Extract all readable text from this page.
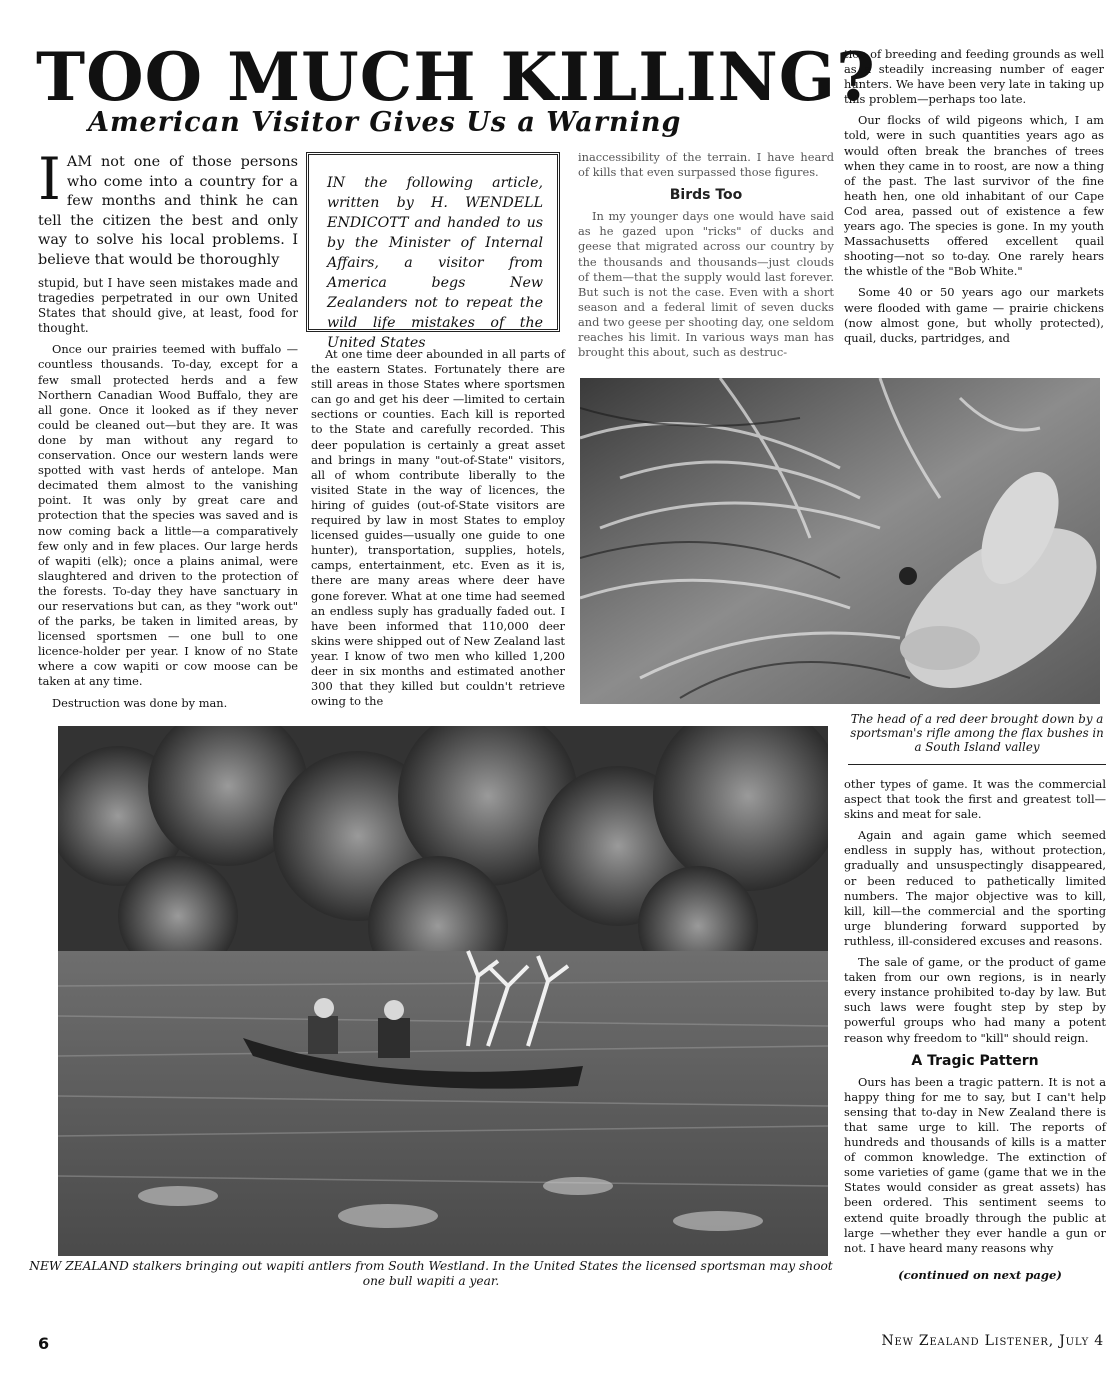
TOO MUCH KILLING?
American Visitor Gives Us a Warning

IAM not one of those persons who come into a country for a few months and think he can tell the citizen the best and only way to solve his local problems. I believe that would be thoroughly

stupid, but I have seen mistakes made and tragedies perpetrated in our own United States that should give, at least, food for thought.

Once our prairies teemed with buffalo —countless thousands. To-day, except for a few small protected herds and a few Northern Canadian Wood Buffalo, they are all gone. Once it looked as if they never could be cleaned out—but they are. It was done by man without any regard to conservation. Once our western lands were spotted with vast herds of antelope. Man decimated them almost to the vanishing point. It was only by great care and protection that the species was saved and is now coming back a little—a comparatively few only and in few places. Our large herds of wapiti (elk); once a plains animal, were slaughtered and driven to the protection of the forests. To-day they have sanctuary in our reservations but can, as they "work out" of the parks, be taken in limited areas, by licensed sportsmen — one bull to one licence-holder per year. I know of no State where a cow wapiti or cow moose can be taken at any time.

Destruction was done by man.

IN the following article, written by H. WENDELL ENDICOTT and handed to us by the Minister of Internal Affairs, a visitor from America begs New Zealanders not to repeat the wild life mistakes of the United States

At one time deer abounded in all parts of the eastern States. Fortunately there are still areas in those States where sportsmen can go and get his deer —limited to certain sections or counties. Each kill is reported to the State and carefully recorded. This deer population is certainly a great asset and brings in many "out-of-State" visitors, all of whom contribute liberally to the visited State in the way of licences, the hiring of guides (out-of-State visitors are required by law in most States to employ licensed guides—usually one guide to one hunter), transportation, supplies, hotels, camps, entertainment, etc. Even as it is, there are many areas where deer have gone forever. What at one time had seemed an endless suply has gradually faded out. I have been informed that 110,000 deer skins were shipped out of New Zealand last year. I know of two men who killed 1,200 deer in six months and estimated another 300 that they killed but couldn't retrieve owing to the

inaccessibility of the terrain. I have heard of kills that even surpassed those figures.

Birds Too

In my younger days one would have said as he gazed upon "ricks" of ducks and geese that migrated across our country by the thousands and thousands—just clouds of them—that the supply would last forever. But such is not the case. Even with a short season and a federal limit of seven ducks and two geese per shooting day, one seldom reaches his limit. In various ways man has brought this about, such as destruc-

tion of breeding and feeding grounds as well as a steadily increasing number of eager hunters. We have been very late in taking up this problem—perhaps too late.

Our flocks of wild pigeons which, I am told, were in such quantities years ago as would often break the branches of trees when they came in to roost, are now a thing of the past. The last survivor of the fine heath hen, one old inhabitant of our Cape Cod area, passed out of existence a few years ago. The species is gone. In my youth Massachusetts offered excellent quail shooting—not so to-day. One rarely hears the whistle of the "Bob White."

Some 40 or 50 years ago our markets were flooded with game — prairie chickens (now almost gone, but wholly protected), quail, ducks, partridges, and

The head of a red deer brought down by a sportsman's rifle among the flax bushes in a South Island valley

other types of game. It was the commercial aspect that took the first and greatest toll—skins and meat for sale.

Again and again game which seemed endless in supply has, without protection, gradually and unsuspectingly disappeared, or been reduced to pathetically limited numbers. The major objective was to kill, kill, kill—the commercial and the sporting urge blundering forward supported by ruthless, ill-considered excuses and reasons.

The sale of game, or the product of game taken from our own regions, is in nearly every instance prohibited to-day by law. But such laws were fought step by step by powerful groups who had many a potent reason why freedom to "kill" should reign.

A Tragic Pattern

Ours has been a tragic pattern. It is not a happy thing for me to say, but I can't help sensing that to-day in New Zealand there is that same urge to kill. The reports of hundreds and thousands of kills is a matter of common knowledge. The extinction of some varieties of game (game that we in the States would consider as great assets) has been ordered. This sentiment seems to extend quite broadly through the public at large —whether they ever handle a gun or not. I have heard many reasons why

(continued on next page)
NEW ZEALAND stalkers bringing out wapiti antlers from South Westland. In the United States the licensed sportsman may shoot one bull wapiti a year.
6	New Zealand Listener, July 4
